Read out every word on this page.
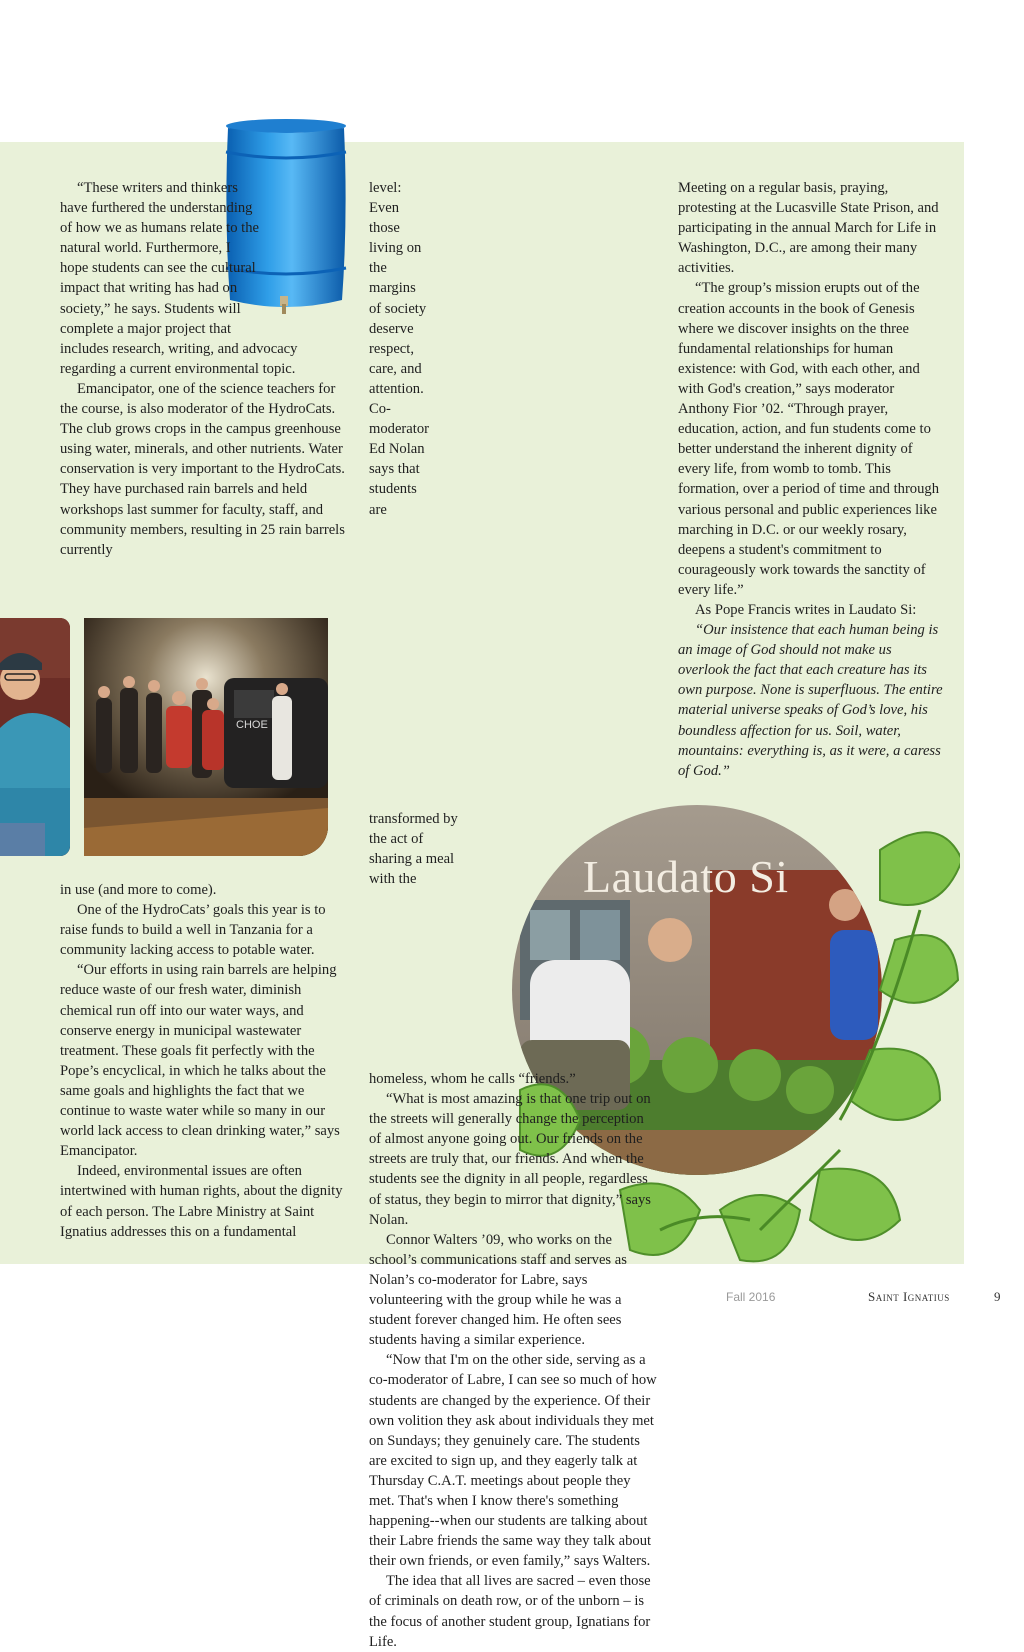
CHOE
Laudato Si

“These writers and thinkers have furthered the understanding of how we as humans relate to the natural world. Furthermore, I hope students can see the cultural impact that writing has had on society,” he says. Students will complete a major project that includes research, writing, and advocacy regarding a current environmental topic.

Emancipator, one of the science teachers for the course, is also moderator of the HydroCats. The club grows crops in the campus greenhouse using water, minerals, and other nutrients. Water conservation is very important to the HydroCats. They have purchased rain barrels and held workshops last summer for faculty, staff, and community members, resulting in 25 rain barrels currently

in use (and more to come).

One of the HydroCats’ goals this year is to raise funds to build a well in Tanzania for a community lacking access to potable water.

“Our efforts in using rain barrels are helping reduce waste of our fresh water, diminish chemical run off into our water ways, and conserve energy in municipal wastewater treatment. These goals fit perfectly with the Pope’s encyclical, in which he talks about the same goals and highlights the fact that we continue to waste water while so many in our world lack access to clean drinking water,” says Emancipator.

Indeed, environmental issues are often intertwined with human rights, about the dignity of each person. The Labre Ministry at Saint Ignatius addresses this on a fundamental

level: Even those living on the margins of society deserve respect, care, and attention. Co-moderator Ed Nolan says that students are transformed by the act of sharing a meal with the homeless, whom he calls “friends.”

“What is most amazing is that one trip out on the streets will generally change the perception of almost anyone going out. Our friends on the streets are truly that, our friends. And when the students see the dignity in all people, regardless of status, they begin to mirror that dignity,” says Nolan.

Connor Walters ’09, who works on the school’s communications staff and serves as Nolan’s co-moderator for Labre, says volunteering with the group while he was a student forever changed him. He often sees students having a similar experience.

“Now that I'm on the other side, serving as a co-moderator of Labre, I can see so much of how students are changed by the experience. Of their own volition they ask about individuals they met on Sundays; they genuinely care. The students are excited to sign up, and they eagerly talk at Thursday C.A.T. meetings about people they met. That's when I know there's something happening--when our students are talking about their Labre friends the same way they talk about their own friends, or even family,” says Walters.

The idea that all lives are sacred – even those of criminals on death row, or of the unborn – is the focus of another student group, Ignatians for Life.

Meeting on a regular basis, praying, protesting at the Lucasville State Prison, and participating in the annual March for Life in Washington, D.C., are among their many activities.

“The group’s mission erupts out of the creation accounts in the book of Genesis where we discover insights on the three fundamental relationships for human existence: with God, with each other, and with God's creation,” says moderator Anthony Fior ’02. “Through prayer, education, action, and fun students come to better understand the inherent dignity of every life, from womb to tomb. This formation, over a period of time and through various personal and public experiences like marching in D.C. or our weekly rosary, deepens a student's commitment to courageously work towards the sanctity of every life.”

As Pope Francis writes in Laudato Si:

“Our insistence that each human being is an image of God should not make us overlook the fact that each creature has its own purpose. None is superfluous. The entire material universe speaks of God’s love, his boundless affection for us. Soil, water, mountains: everything is, as it were, a caress of God.”

Fall 2016	Saint Ignatius	9
